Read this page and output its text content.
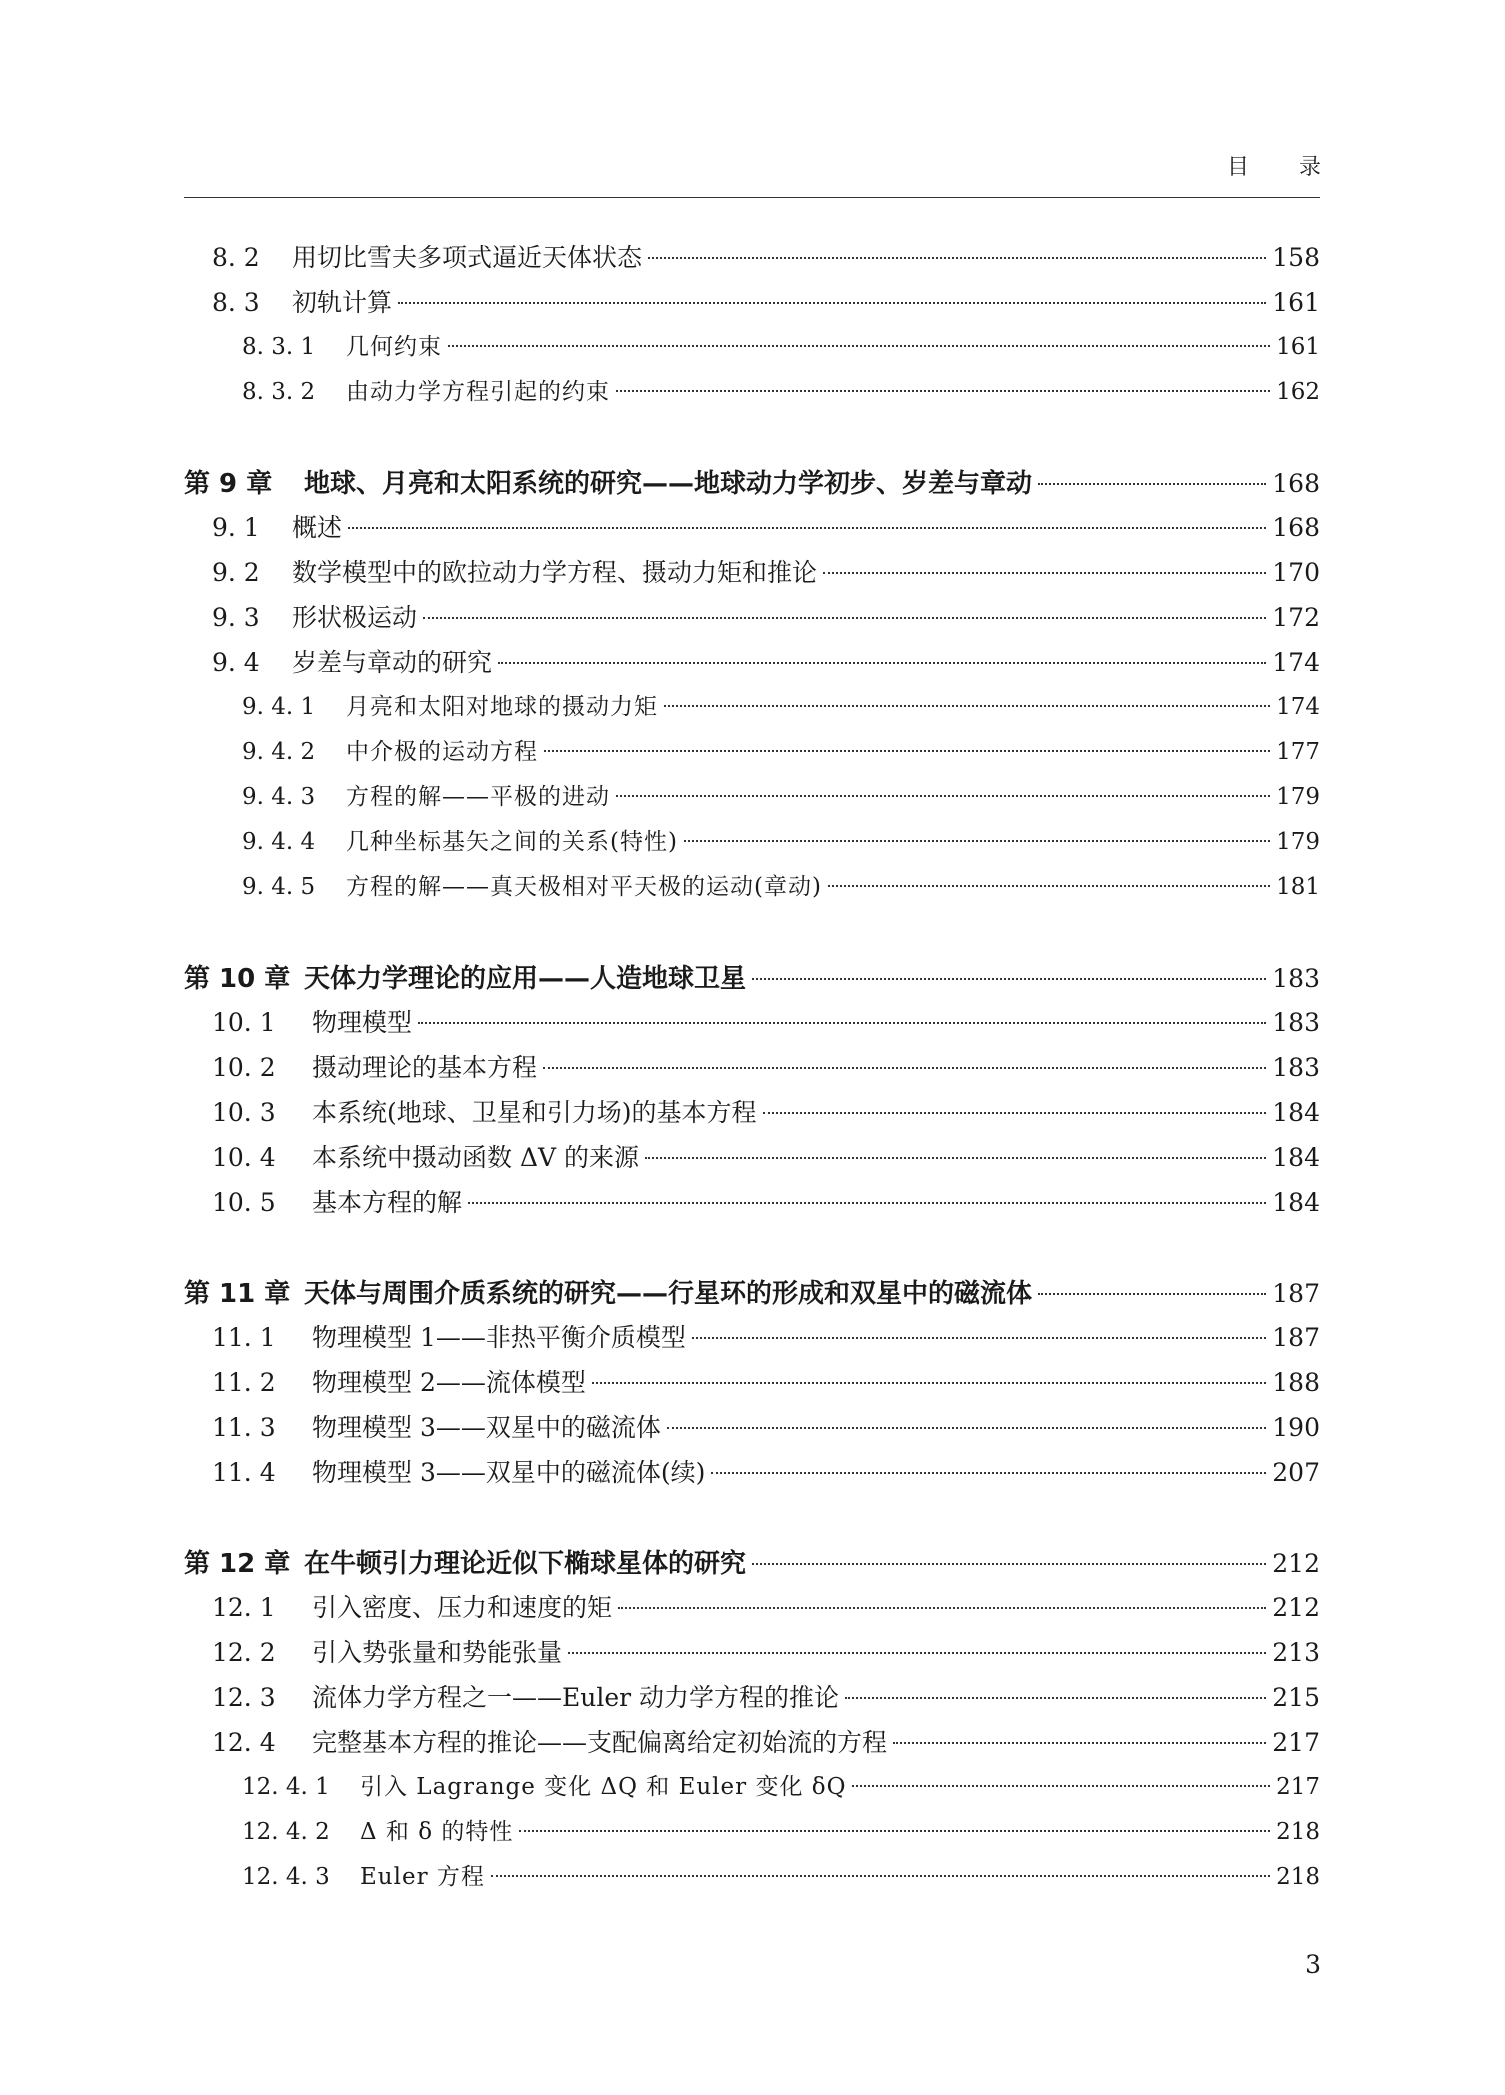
目 录
8. 2	用切比雪夫多项式逼近天体状态	158
8. 3	初轨计算	161
8. 3. 1	几何约束	161
8. 3. 2	由动力学方程引起的约束	162
第 9 章	地球、月亮和太阳系统的研究——地球动力学初步、岁差与章动	168
9. 1	概述	168
9. 2	数学模型中的欧拉动力学方程、摄动力矩和推论	170
9. 3	形状极运动	172
9. 4	岁差与章动的研究	174
9. 4. 1	月亮和太阳对地球的摄动力矩	174
9. 4. 2	中介极的运动方程	177
9. 4. 3	方程的解——平极的进动	179
9. 4. 4	几种坐标基矢之间的关系(特性)	179
9. 4. 5	方程的解——真天极相对平天极的运动(章动)	181
第 10 章 天体力学理论的应用——人造地球卫星	183
10. 1	物理模型	183
10. 2	摄动理论的基本方程	183
10. 3	本系统(地球、卫星和引力场)的基本方程	184
10. 4	本系统中摄动函数 ΔV 的来源	184
10. 5	基本方程的解	184
第 11 章 天体与周围介质系统的研究——行星环的形成和双星中的磁流体	187
11. 1	物理模型 1——非热平衡介质模型	187
11. 2	物理模型 2——流体模型	188
11. 3	物理模型 3——双星中的磁流体	190
11. 4	物理模型 3——双星中的磁流体(续)	207
第 12 章 在牛顿引力理论近似下椭球星体的研究	212
12. 1	引入密度、压力和速度的矩	212
12. 2	引入势张量和势能张量	213
12. 3	流体力学方程之一——Euler 动力学方程的推论	215
12. 4	完整基本方程的推论——支配偏离给定初始流的方程	217
12. 4. 1	引入 Lagrange 变化 ΔQ 和 Euler 变化 δQ	217
12. 4. 2	Δ 和 δ 的特性	218
12. 4. 3	Euler 方程	218
3
